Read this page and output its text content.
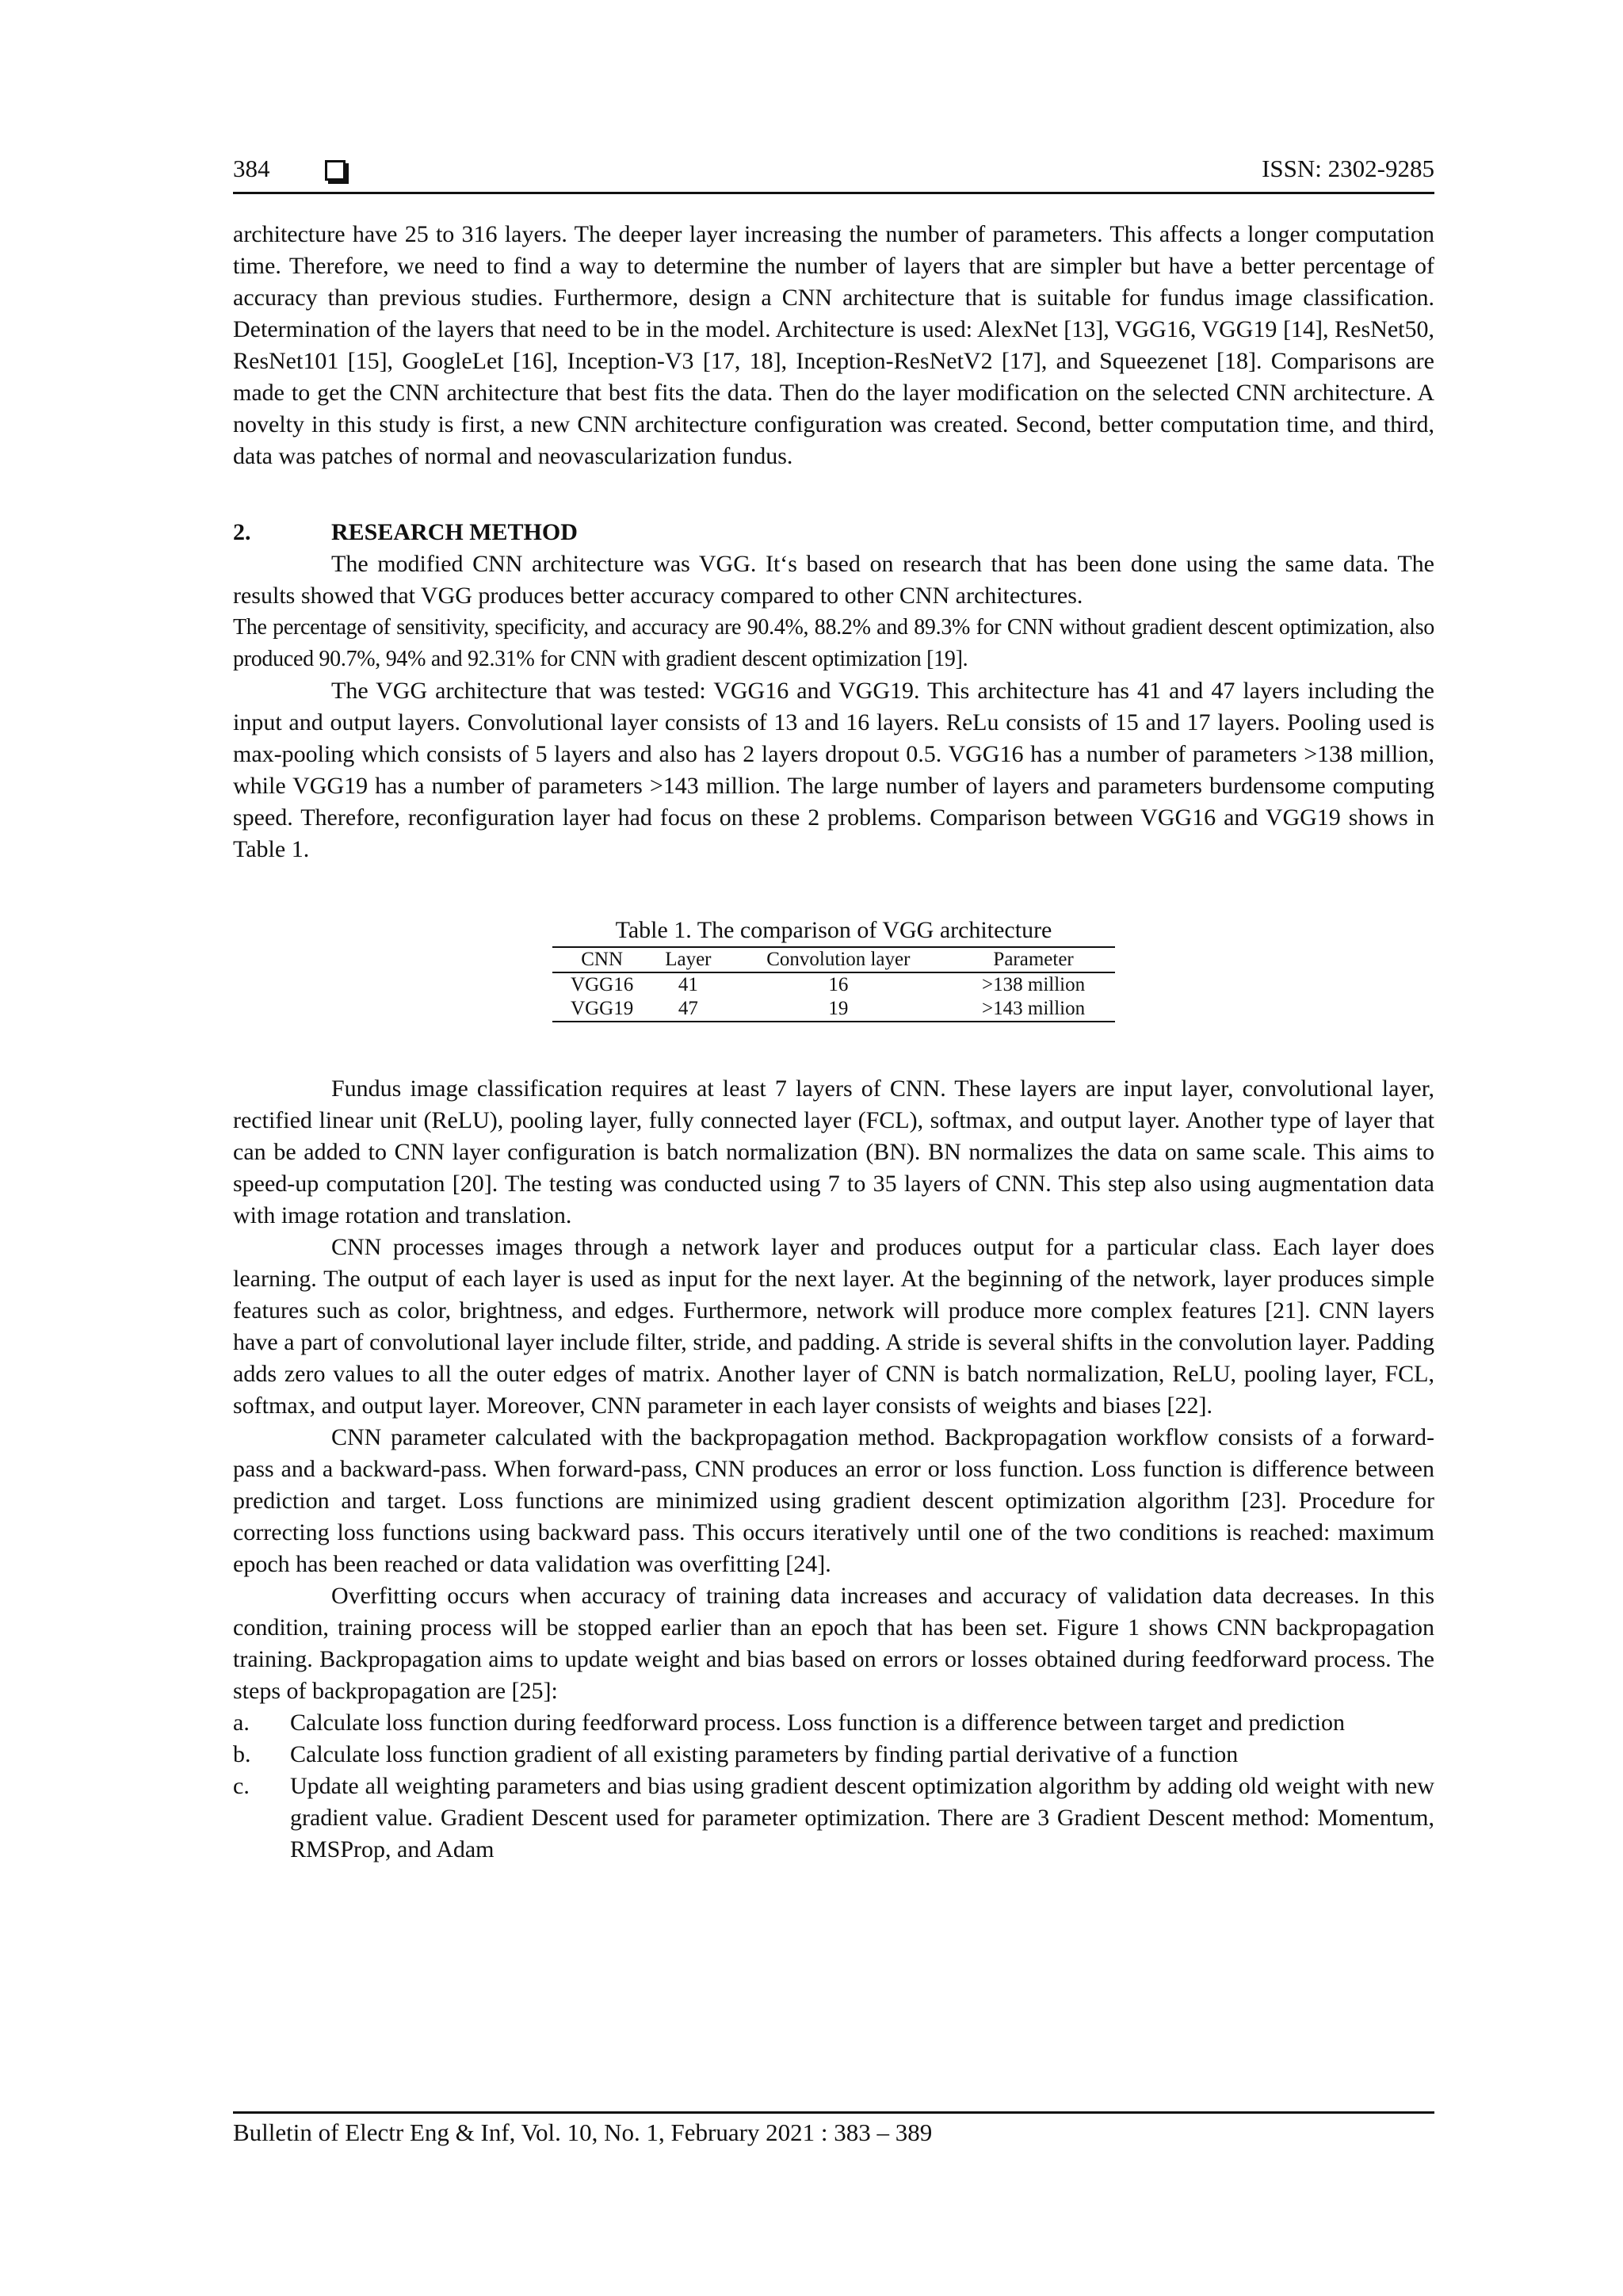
384	ISSN: 2302-9285

architecture have 25 to 316 layers. The deeper layer increasing the number of parameters. This affects a longer computation time. Therefore, we need to find a way to determine the number of layers that are simpler but have a better percentage of accuracy than previous studies. Furthermore, design a CNN architecture that is suitable for fundus image classification. Determination of the layers that need to be in the model. Architecture is used: AlexNet [13], VGG16, VGG19 [14], ResNet50, ResNet101 [15], GoogleLet [16], Inception-V3 [17, 18], Inception-ResNetV2 [17], and Squeezenet [18]. Comparisons are made to get the CNN architecture that best fits the data. Then do the layer modification on the selected CNN architecture. A novelty in this study is first, a new CNN architecture configuration was created. Second, better computation time, and third, data was patches of normal and neovascularization fundus.

2.	RESEARCH METHOD

The modified CNN architecture was VGG. It‘s based on research that has been done using the same data. The results showed that VGG produces better accuracy compared to other CNN architectures.

The percentage of sensitivity, specificity, and accuracy are 90.4%, 88.2% and 89.3% for CNN without gradient descent optimization, also produced 90.7%, 94% and 92.31% for CNN with gradient descent optimization [19].

The VGG architecture that was tested: VGG16 and VGG19. This architecture has 41 and 47 layers including the input and output layers. Convolutional layer consists of 13 and 16 layers. ReLu consists of 15 and 17 layers. Pooling used is max-pooling which consists of 5 layers and also has 2 layers dropout 0.5. VGG16 has a number of parameters >138 million, while VGG19 has a number of parameters >143 million. The large number of layers and parameters burdensome computing speed. Therefore, reconfiguration layer had focus on these 2 problems. Comparison between VGG16 and VGG19 shows in Table 1.

Table 1. The comparison of VGG architecture
CNN	Layer	Convolution layer	Parameter
VGG16	41	16	>138 million
VGG19	47	19	>143 million

Fundus image classification requires at least 7 layers of CNN. These layers are input layer, convolutional layer, rectified linear unit (ReLU), pooling layer, fully connected layer (FCL), softmax, and output layer. Another type of layer that can be added to CNN layer configuration is batch normalization (BN). BN normalizes the data on same scale. This aims to speed-up computation [20]. The testing was conducted using 7 to 35 layers of CNN. This step also using augmentation data with image rotation and translation.

CNN processes images through a network layer and produces output for a particular class. Each layer does learning. The output of each layer is used as input for the next layer. At the beginning of the network, layer produces simple features such as color, brightness, and edges. Furthermore, network will produce more complex features [21]. CNN layers have a part of convolutional layer include filter, stride, and padding. A stride is several shifts in the convolution layer. Padding adds zero values to all the outer edges of matrix. Another layer of CNN is batch normalization, ReLU, pooling layer, FCL, softmax, and output layer. Moreover, CNN parameter in each layer consists of weights and biases [22].

CNN parameter calculated with the backpropagation method. Backpropagation workflow consists of a forward-pass and a backward-pass. When forward-pass, CNN produces an error or loss function. Loss function is difference between prediction and target. Loss functions are minimized using gradient descent optimization algorithm [23]. Procedure for correcting loss functions using backward pass. This occurs iteratively until one of the two conditions is reached: maximum epoch has been reached or data validation was overfitting [24].

Overfitting occurs when accuracy of training data increases and accuracy of validation data decreases. In this condition, training process will be stopped earlier than an epoch that has been set. Figure 1 shows CNN backpropagation training. Backpropagation aims to update weight and bias based on errors or losses obtained during feedforward process. The steps of backpropagation are [25]:

a.	Calculate loss function during feedforward process. Loss function is a difference between target and prediction
b.	Calculate loss function gradient of all existing parameters by finding partial derivative of a function
c.	Update all weighting parameters and bias using gradient descent optimization algorithm by adding old weight with new gradient value. Gradient Descent used for parameter optimization. There are 3 Gradient Descent method: Momentum, RMSProp, and Adam
Bulletin of Electr Eng & Inf, Vol. 10, No. 1, February 2021 : 383 – 389
